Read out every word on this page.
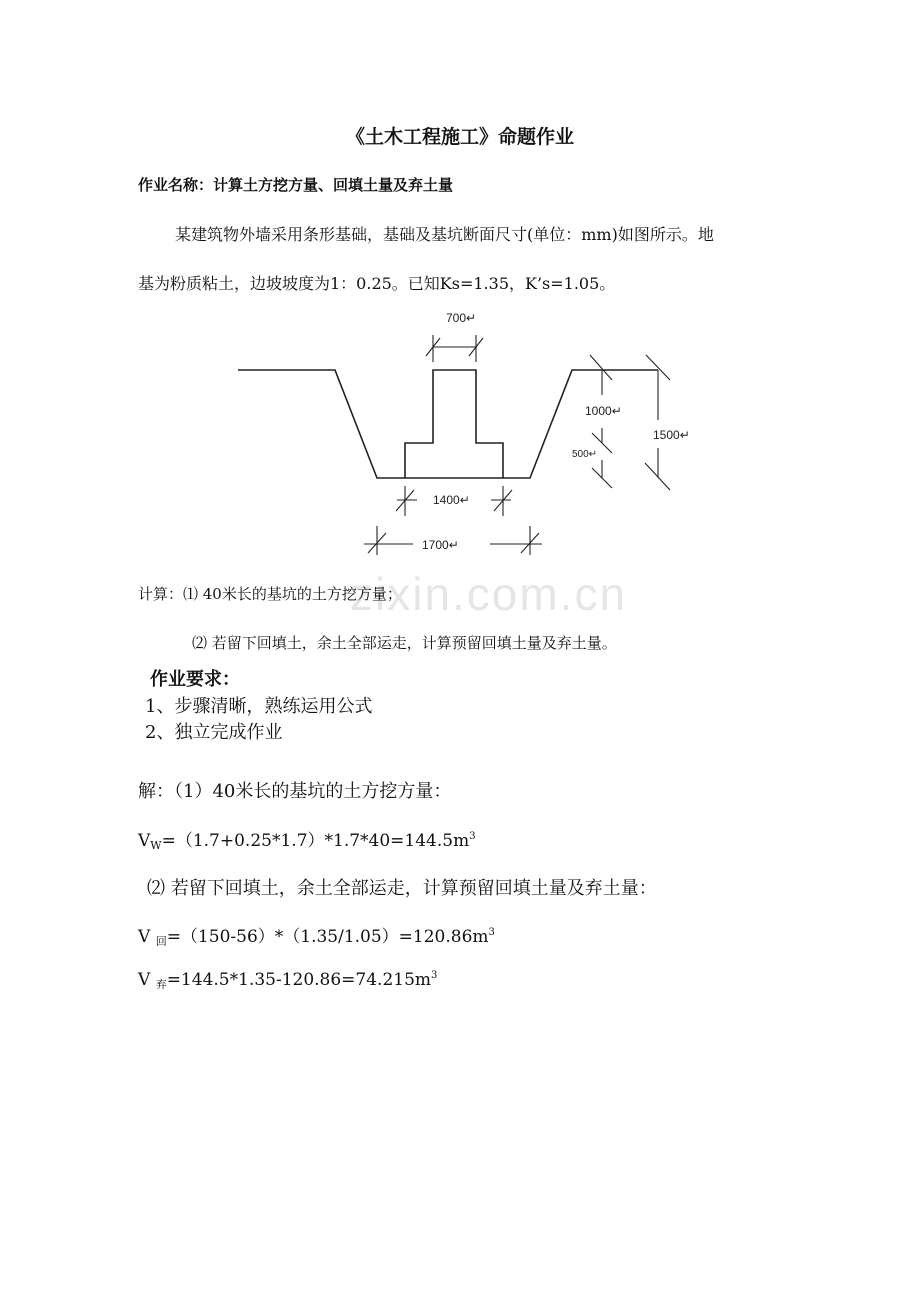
zixin.com.cn
《土木工程施工》命题作业
作业名称：计算土方挖方量、回填土量及弃土量
某建筑物外墙采用条形基础，基础及基坑断面尺寸(单位：mm)如图所示。地
基为粉质粘土，边坡坡度为1：0.25。已知Ks=1.35，K’s=1.05。
700↵
1000↵
500↵
1500↵
1400↵
1700↵
计算：⑴ 40米长的基坑的土方挖方量；
⑵ 若留下回填土，余土全部运走，计算预留回填土量及弃土量。
作业要求：
1、步骤清晰，熟练运用公式
2、独立完成作业
解：（1）40米长的基坑的土方挖方量：
$V_W=(1.7+0.25*1.7)*1.7*40=144.5m^3$
⑵ 若留下回填土，余土全部运走，计算预留回填土量及弃土量：
V $_回=(150-56)*(1.35/1.05)=120.86m^3$
V $_弃=144.5*1.35-120.86=74.215m^3$
